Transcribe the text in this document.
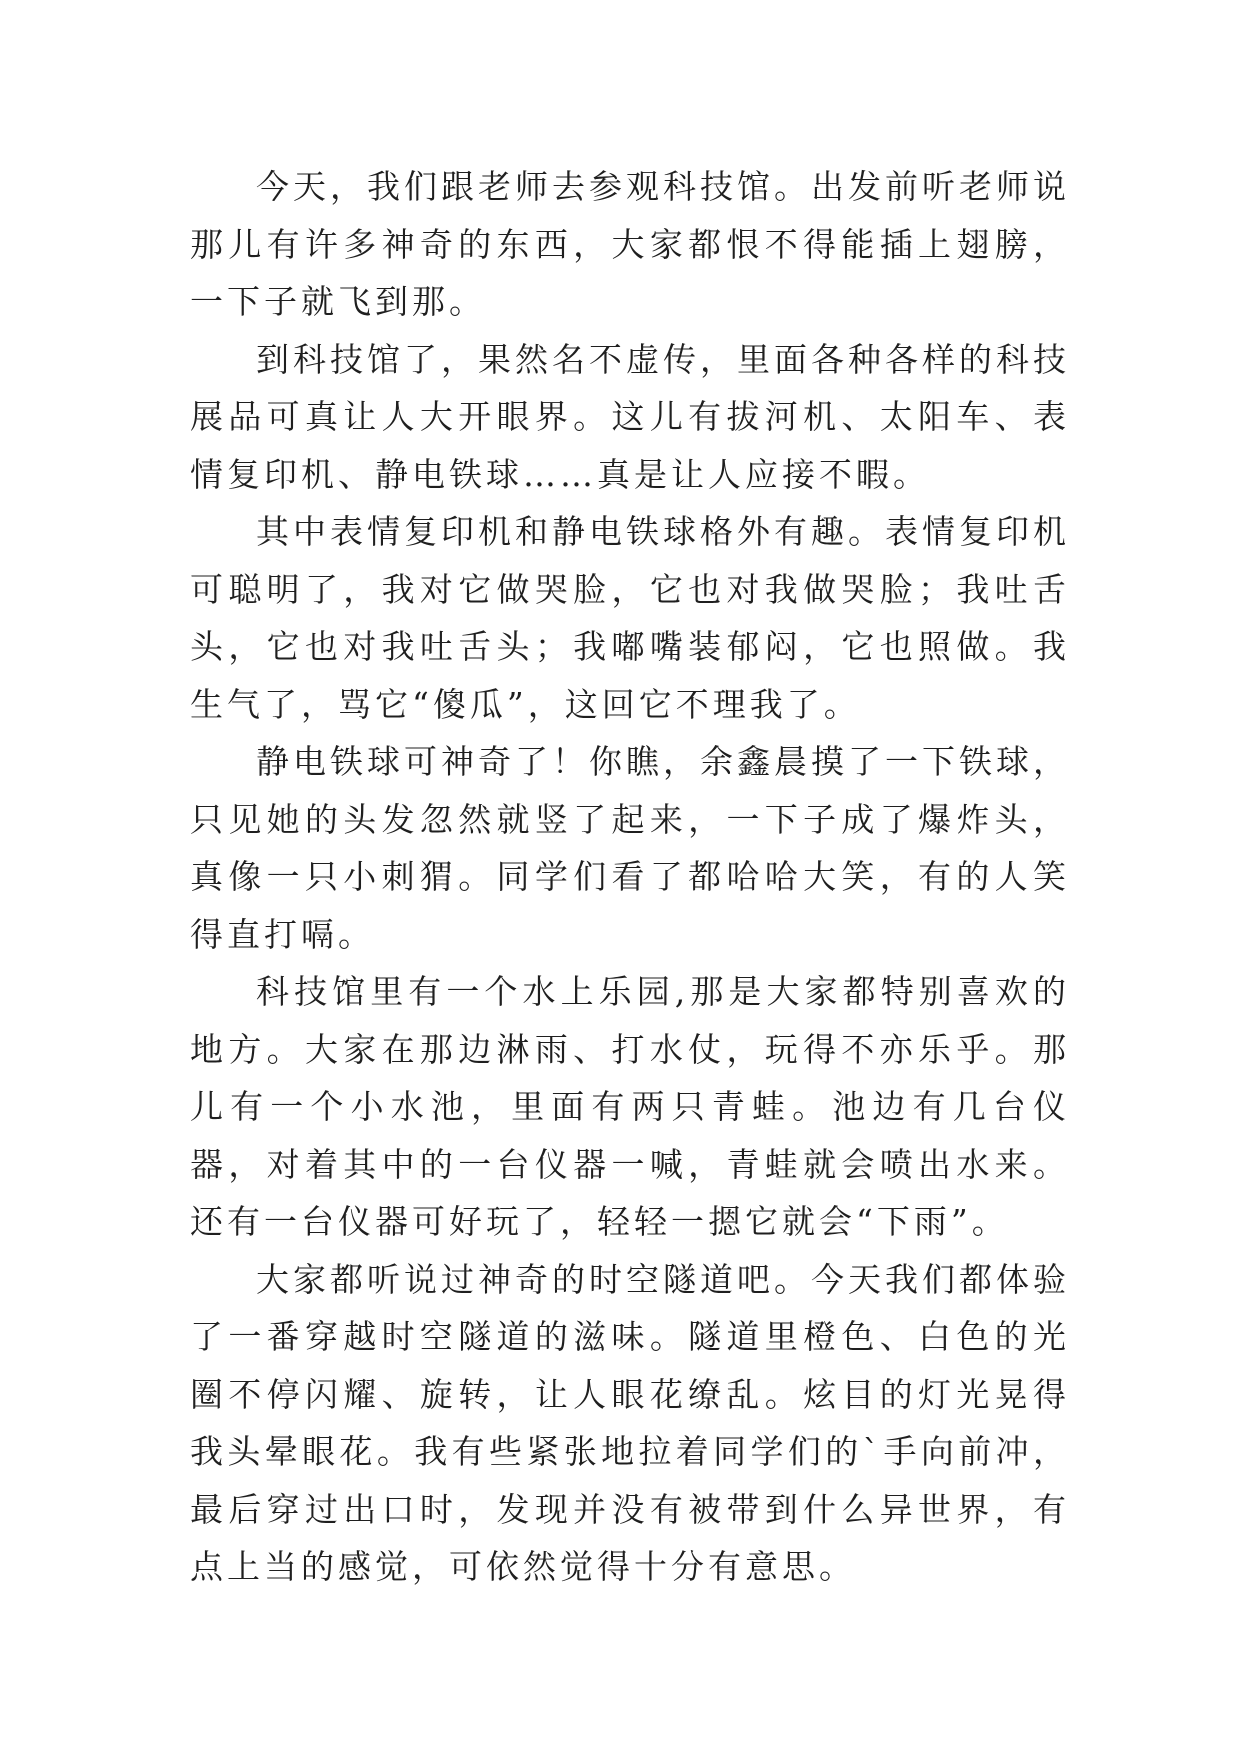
今天，我们跟老师去参观科技馆。出发前听老师说那儿有许多神奇的东西，大家都恨不得能插上翅膀，一下子就飞到那。

到科技馆了，果然名不虚传，里面各种各样的科技展品可真让人大开眼界。这儿有拔河机、太阳车、表情复印机、静电铁球……真是让人应接不暇。

其中表情复印机和静电铁球格外有趣。表情复印机可聪明了，我对它做哭脸，它也对我做哭脸；我吐舌头，它也对我吐舌头；我嘟嘴装郁闷，它也照做。我生气了，骂它“傻瓜”，这回它不理我了。

静电铁球可神奇了！你瞧，余鑫晨摸了一下铁球，只见她的头发忽然就竖了起来，一下子成了爆炸头，真像一只小刺猬。同学们看了都哈哈大笑，有的人笑得直打嗝。

科技馆里有一个水上乐园,那是大家都特别喜欢的地方。大家在那边淋雨、打水仗，玩得不亦乐乎。那儿有一个小水池，里面有两只青蛙。池边有几台仪器，对着其中的一台仪器一喊，青蛙就会喷出水来。还有一台仪器可好玩了，轻轻一摁它就会“下雨”。

大家都听说过神奇的时空隧道吧。今天我们都体验了一番穿越时空隧道的滋味。隧道里橙色、白色的光圈不停闪耀、旋转，让人眼花缭乱。炫目的灯光晃得我头晕眼花。我有些紧张地拉着同学们的`手向前冲，最后穿过出口时，发现并没有被带到什么异世界，有点上当的感觉，可依然觉得十分有意思。
